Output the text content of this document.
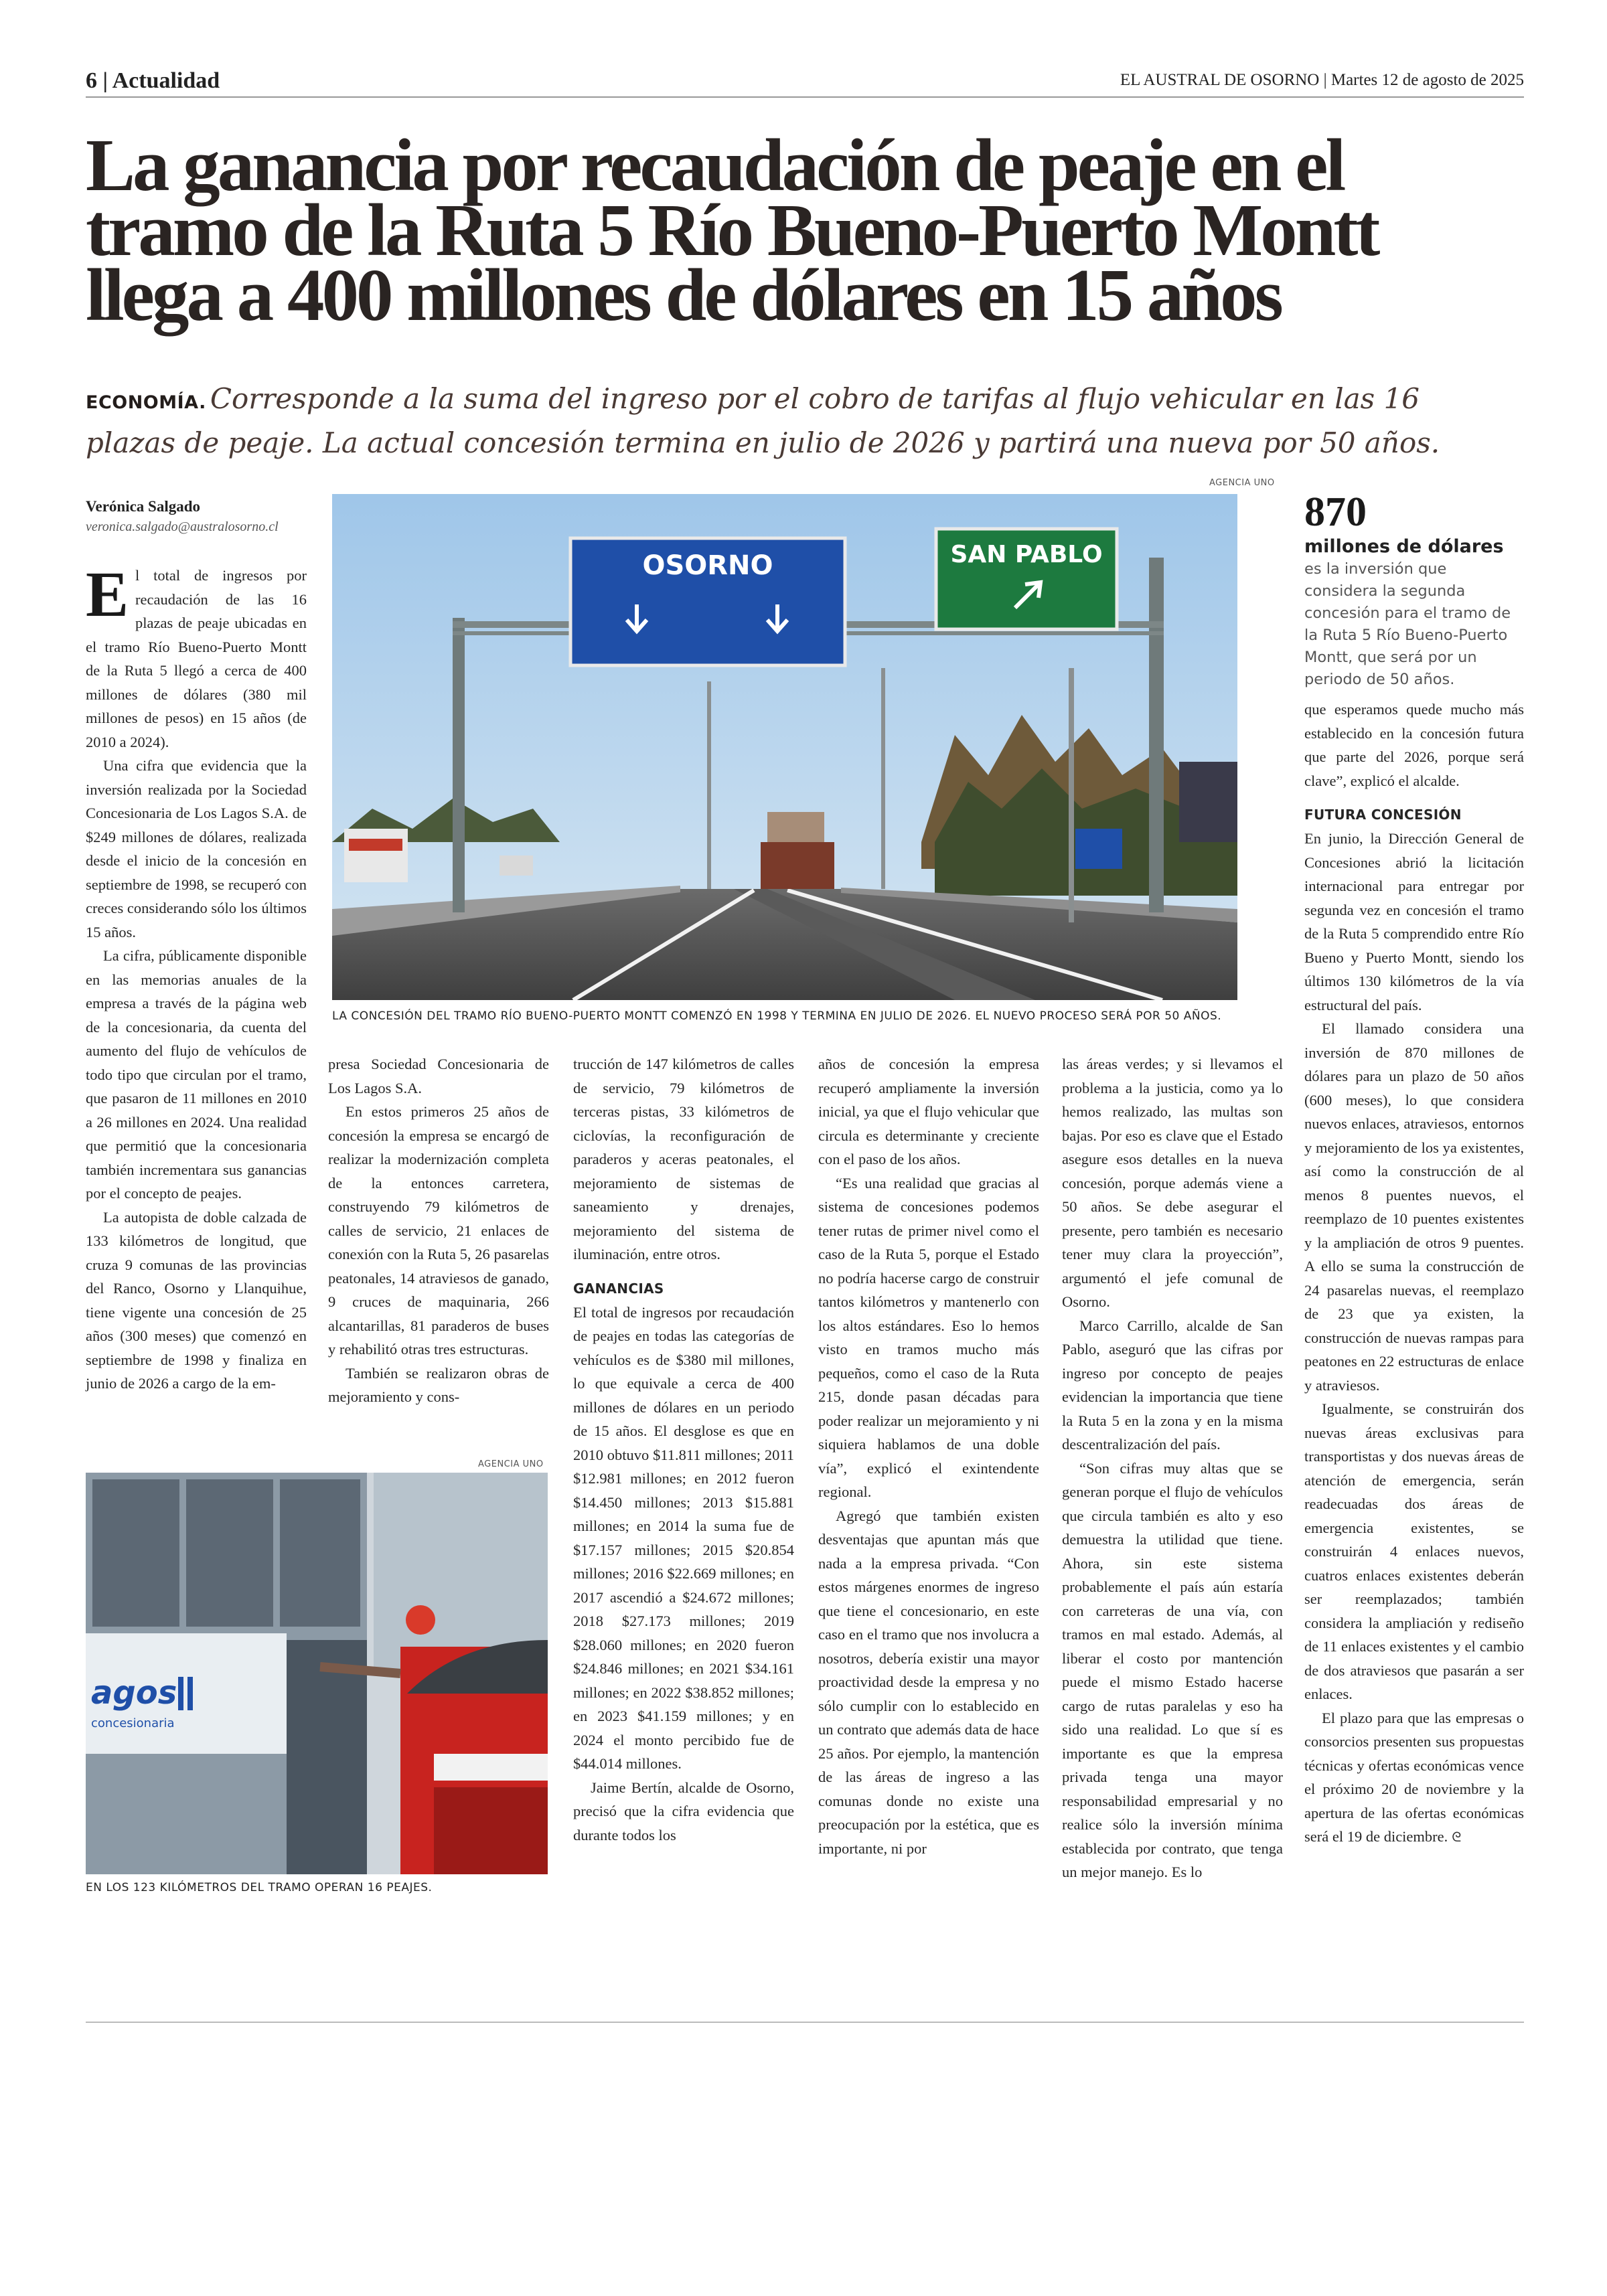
6 | Actualidad	EL AUSTRAL DE OSORNO | Martes 12 de agosto de 2025
La ganancia por recaudación de peaje en el
tramo de la Ruta 5 Río Bueno-Puerto Montt
llega a 400 millones de dólares en 15 años
ECONOMÍA. Corresponde a la suma del ingreso por el cobro de tarifas al flujo vehicular en las 16
plazas de peaje. La actual concesión termina en julio de 2026 y partirá una nueva por 50 años.
Verónica Salgado
veronica.salgado@australosorno.cl
AGENCIA UNO
OSORNO	SAN PABLO
LA CONCESIÓN DEL TRAMO RÍO BUENO-PUERTO MONTT COMENZÓ EN 1998 Y TERMINA EN JULIO DE 2026. EL NUEVO PROCESO SERÁ POR 50 AÑOS.
870
millones de dólares
es la inversión que considera la segunda concesión para el tramo de la Ruta 5 Río Bueno-Puerto Montt, que será por un periodo de 50 años.

El total de ingresos por recaudación de las 16 plazas de peaje ubicadas en el tramo Río Bueno-Puerto Montt de la Ruta 5 llegó a cerca de 400 millones de dólares (380 mil millones de pesos) en 15 años (de 2010 a 2024).

Una cifra que evidencia que la inversión realizada por la Sociedad Concesionaria de Los Lagos S.A. de $249 millones de dólares, realizada desde el inicio de la concesión en septiembre de 1998, se recuperó con creces considerando sólo los últimos 15 años.

La cifra, públicamente disponible en las memorias anuales de la empresa a través de la página web de la concesionaria, da cuenta del aumento del flujo de vehículos de todo tipo que circulan por el tramo, que pasaron de 11 millones en 2010 a 26 millones en 2024. Una realidad que permitió que la concesionaria también incrementara sus ganancias por el concepto de peajes.

La autopista de doble calzada de 133 kilómetros de longitud, que cruza 9 comunas de las provincias del Ranco, Osorno y Llanquihue, tiene vigente una concesión de 25 años (300 meses) que comenzó en septiembre de 1998 y finaliza en junio de 2026 a cargo de la em-

AGENCIA UNO
agos
concesionaria
EN LOS 123 KILÓMETROS DEL TRAMO OPERAN 16 PEAJES.

presa Sociedad Concesionaria de Los Lagos S.A.

En estos primeros 25 años de concesión la empresa se encargó de realizar la modernización completa de la entonces carretera, construyendo 79 kilómetros de calles de servicio, 21 enlaces de conexión con la Ruta 5, 26 pasarelas peatonales, 14 atraviesos de ganado, 9 cruces de maquinaria, 266 alcantarillas, 81 paraderos de buses y rehabilitó otras tres estructuras.

También se realizaron obras de mejoramiento y cons-

trucción de 147 kilómetros de calles de servicio, 79 kilómetros de terceras pistas, 33 kilómetros de ciclovías, la reconfiguración de paraderos y aceras peatonales, el mejoramiento de sistemas de saneamiento y drenajes, mejoramiento del sistema de iluminación, entre otros.

GANANCIAS

El total de ingresos por recaudación de peajes en todas las categorías de vehículos es de $380 mil millones, lo que equivale a cerca de 400 millones de dólares en un periodo de 15 años. El desglose es que en 2010 obtuvo $11.811 millones; 2011 $12.981 millones; en 2012 fueron $14.450 millones; 2013 $15.881 millones; en 2014 la suma fue de $17.157 millones; 2015 $20.854 millones; 2016 $22.669 millones; en 2017 ascendió a $24.672 millones; 2018 $27.173 millones; 2019 $28.060 millones; en 2020 fueron $24.846 millones; en 2021 $34.161 millones; en 2022 $38.852 millones; en 2023 $41.159 millones; y en 2024 el monto percibido fue de $44.014 millones.

Jaime Bertín, alcalde de Osorno, precisó que la cifra evidencia que durante todos los

años de concesión la empresa recuperó ampliamente la inversión inicial, ya que el flujo vehicular que circula es determinante y creciente con el paso de los años.

“Es una realidad que gracias al sistema de concesiones podemos tener rutas de primer nivel como el caso de la Ruta 5, porque el Estado no podría hacerse cargo de construir tantos kilómetros y mantenerlo con los altos estándares. Eso lo hemos visto en tramos mucho más pequeños, como el caso de la Ruta 215, donde pasan décadas para poder realizar un mejoramiento y ni siquiera hablamos de una doble vía”, explicó el exintendente regional.

Agregó que también existen desventajas que apuntan más que nada a la empresa privada. “Con estos márgenes enormes de ingreso que tiene el concesionario, en este caso en el tramo que nos involucra a nosotros, debería existir una mayor proactividad desde la empresa y no sólo cumplir con lo establecido en un contrato que además data de hace 25 años. Por ejemplo, la mantención de las áreas de ingreso a las comunas donde no existe una preocupación por la estética, que es importante, ni por

las áreas verdes; y si llevamos el problema a la justicia, como ya lo hemos realizado, las multas son bajas. Por eso es clave que el Estado asegure esos detalles en la nueva concesión, porque además viene a 50 años. Se debe asegurar el presente, pero también es necesario tener muy clara la proyección”, argumentó el jefe comunal de Osorno.

Marco Carrillo, alcalde de San Pablo, aseguró que las cifras por ingreso por concepto de peajes evidencian la importancia que tiene la Ruta 5 en la zona y en la misma descentralización del país.

“Son cifras muy altas que se generan porque el flujo de vehículos que circula también es alto y eso demuestra la utilidad que tiene. Ahora, sin este sistema probablemente el país aún estaría con carreteras de una vía, con tramos en mal estado. Además, al liberar el costo por mantención puede el mismo Estado hacerse cargo de rutas paralelas y eso ha sido una realidad. Lo que sí es importante es que la empresa privada tenga una mayor responsabilidad empresarial y no realice sólo la inversión mínima establecida por contrato, que tenga un mejor manejo. Es lo

que esperamos quede mucho más establecido en la concesión futura que parte del 2026, porque será clave”, explicó el alcalde.

FUTURA CONCESIÓN

En junio, la Dirección General de Concesiones abrió la licitación internacional para entregar por segunda vez en concesión el tramo de la Ruta 5 comprendido entre Río Bueno y Puerto Montt, siendo los últimos 130 kilómetros de la vía estructural del país.

El llamado considera una inversión de 870 millones de dólares para un plazo de 50 años (600 meses), lo que considera nuevos enlaces, atraviesos, entornos y mejoramiento de los ya existentes, así como la construcción de al menos 8 puentes nuevos, el reemplazo de 10 puentes existentes y la ampliación de otros 9 puentes. A ello se suma la construcción de 24 pasarelas nuevas, el reemplazo de 23 que ya existen, la construcción de nuevas rampas para peatones en 22 estructuras de enlace y atraviesos.

Igualmente, se construirán dos nuevas áreas exclusivas para transportistas y dos nuevas áreas de atención de emergencia, serán readecuadas dos áreas de emergencia existentes, se construirán 4 enlaces nuevos, cuatros enlaces existentes deberán ser reemplazados; también considera la ampliación y rediseño de 11 enlaces existentes y el cambio de dos atraviesos que pasarán a ser enlaces.

El plazo para que las empresas o consorcios presenten sus propuestas técnicas y ofertas económicas vence el próximo 20 de noviembre y la apertura de las ofertas económicas será el 19 de diciembre. ᘓ
